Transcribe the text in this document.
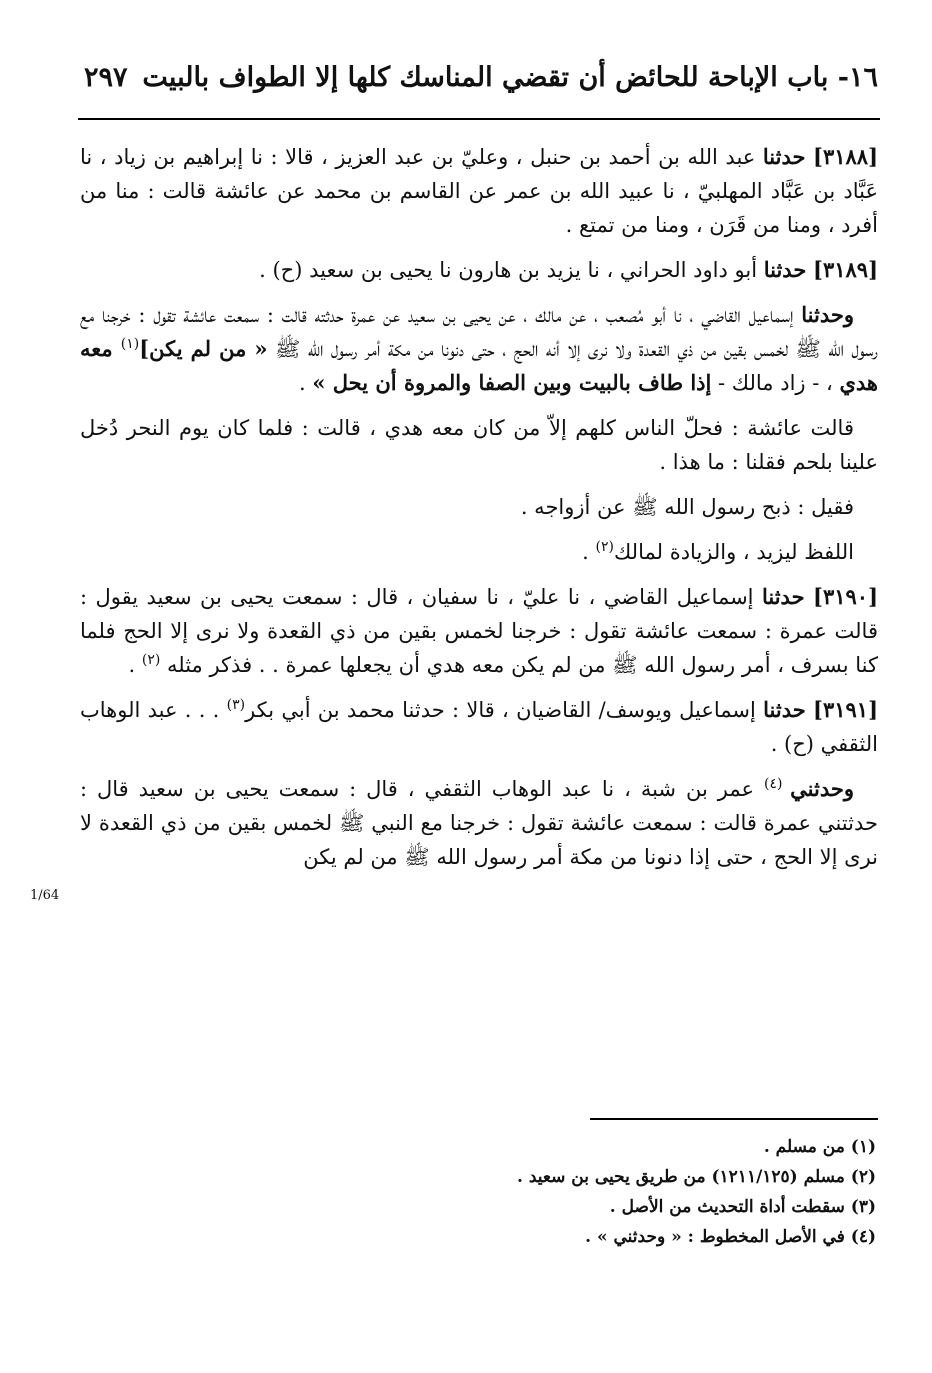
١٦- باب الإباحة للحائض أن تقضي المناسك كلها إلا الطواف بالبيت
٢٩٧
1/64

[٣١٨٨] حدثنا عبد الله بن أحمد بن حنبل ، وعليّ بن عبد العزيز ، قالا : نا إبراهيم بن زياد ، نا عَبَّاد بن عَبَّاد المهلبيّ ، نا عبيد الله بن عمر عن القاسم بن محمد عن عائشة قالت : منا من أفرد ، ومنا من قَرَن ، ومنا من تمتع .

[٣١٨٩] حدثنا أبو داود الحراني ، نا يزيد بن هارون نا يحيى بن سعيد (ح) .

وحدثنا إسماعيل القاضي ، نا أبو مُصعب ، عن مالك ، عن يحيى بن سعيد عن عمرة حدثته قالت : سمعت عائشة تقول : خرجنا مع رسول الله ﷺ لخمس بقين من ذي القعدة ولا نرى إلا أنه الحج ، حتى دنونا من مكة أمر رسول الله ﷺ « من لم يكن]$^{(١)}$ معه هدي ، - زاد مالك - إذا طاف بالبيت وبين الصفا والمروة أن يحل » .

قالت عائشة : فحلّ الناس كلهم إلاّ من كان معه هدي ، قالت : فلما كان يوم النحر دُخل علينا بلحم فقلنا : ما هذا .

فقيل : ذبح رسول الله ﷺ عن أزواجه .

اللفظ ليزيد ، والزيادة لمالك$^{(٢)}$ .

[٣١٩٠] حدثنا إسماعيل القاضي ، نا عليّ ، نا سفيان ، قال : سمعت يحيى بن سعيد يقول : قالت عمرة : سمعت عائشة تقول : خرجنا لخمس بقين من ذي القعدة ولا نرى إلا الحج فلما كنا بسرف ، أمر رسول الله ﷺ من لم يكن معه هدي أن يجعلها عمرة . . فذكر مثله $^{(٢)}$ .

[٣١٩١] حدثنا إسماعيل ويوسف/ القاضيان ، قالا : حدثنا محمد بن أبي بكر$^{(٣)}$ . . . عبد الوهاب الثقفي (ح) .

وحدثني $^{(٤)}$ عمر بن شبة ، نا عبد الوهاب الثقفي ، قال : سمعت يحيى بن سعيد قال : حدثتني عمرة قالت : سمعت عائشة تقول : خرجنا مع النبي ﷺ لخمس بقين من ذي القعدة لا نرى إلا الحج ، حتى إذا دنونا من مكة أمر رسول الله ﷺ من لم يكن

(١) من مسلم .

(٢) مسلم (١٢١١/١٢٥) من طريق يحيى بن سعيد .

(٣) سقطت أداة التحديث من الأصل .

(٤) في الأصل المخطوط : « وحدثني » .
